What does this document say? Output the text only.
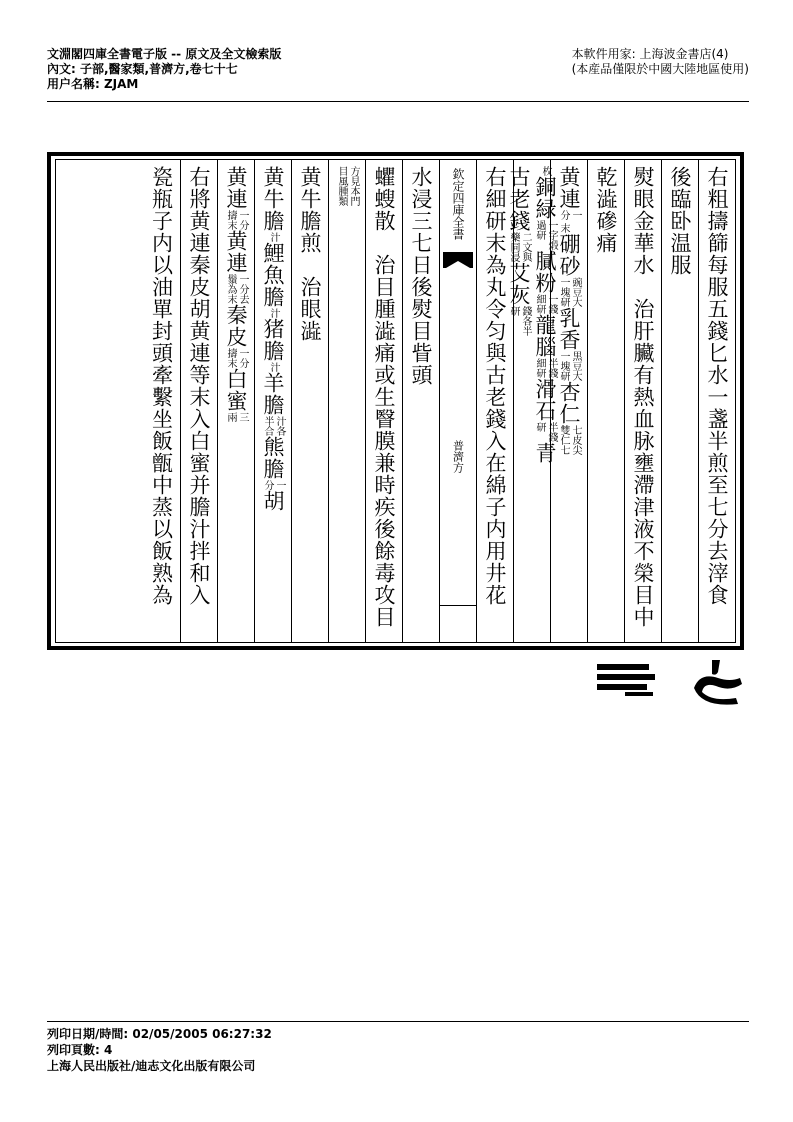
文淵閣四庫全書電子版 -- 原文及全文檢索版
內文: 子部,醫家類,普濟方,卷七十七
用户名稱: ZJAM
本軟件用家: 上海波金書店(4)
(本産品僅限於中國大陸地區使用)
右粗擣篩每服五錢匕水一盞半煎至七分去滓食
後臨卧温服
熨眼金華水　治肝臟有熱血脉壅滯津液不榮目中
乾澁磣痛
黄連
一
分 末
硼砂
豌豆大
一塊研
乳香
黒豆大
一塊研
杏仁
七皮尖
雙仁七
枚
銅緑
一字煅
過研
膩粉
一錢
細研
龍腦
半錢
細研
滑石
半錢
研
青
古老錢
二文與
藥同浸
艾灰
錢各半
研
右細研末為丸令匀與古老錢入在綿子内用井花
欽定四庫全書
普濟方
水浸三七日後熨目眥頭
蠷螋散　治目腫澁痛或生瞖膜兼時疾後餘毒攻目
方見本門
目風腫類
黄牛膽煎　治眼澁
黄牛膽
汁
鯉魚膽
汁
猪膽
汁
羊膽
汁各
半合
熊膽
一
分
胡
黄連
一分
擣末
黄連
一分去
鬚為末
秦皮
一分
擣末
白蜜
三
兩
右將黄連秦皮胡黄連等末入白蜜并膽汁拌和入
瓷瓶子内以油單封頭牽繫坐飯甑中蒸以飯熟為
列印日期/時間: 02/05/2005 06:27:32
列印頁數: 4
上海人民出版社/迪志文化出版有限公司
